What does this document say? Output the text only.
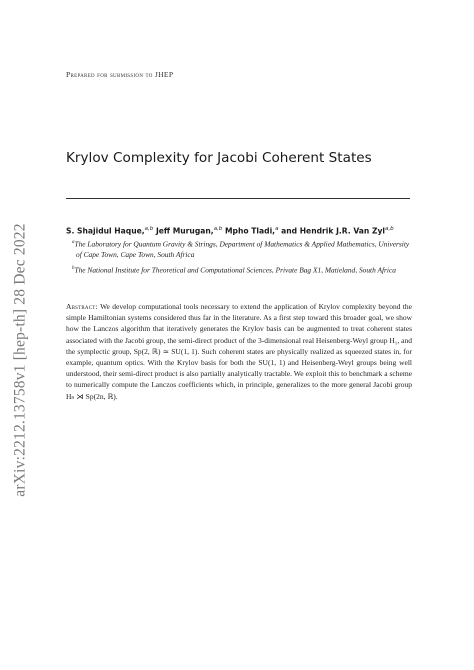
arXiv:2212.13758v1 [hep-th] 28 Dec 2022
Prepared for submission to JHEP
Krylov Complexity for Jacobi Coherent States
S. Shajidul Haque,$^{a,b}$ Jeff Murugan,$^{a,b}$ Mpho Tladi,$^a$ and Hendrik J.R. Van Zyl$^{a,b}$

$^a$The Laboratory for Quantum Gravity & Strings, Department of Mathematics & Applied Mathematics, University of Cape Town, Cape Town, South Africa

$^b$The National Institute for Theoretical and Computational Sciences, Private Bag X1, Matieland, South Africa

Abstract: We develop computational tools necessary to extend the application of Krylov complexity beyond the simple Hamiltonian systems considered thus far in the literature. As a first step toward this broader goal, we show how the Lanczos algorithm that iteratively generates the Krylov basis can be augmented to treat coherent states associated with the Jacobi group, the semi-direct product of the 3-dimensional real Heisenberg-Weyl group H₁, and the symplectic group, Sp(2, ℝ) ≃ SU(1, 1). Such coherent states are physically realized as squeezed states in, for example, quantum optics. With the Krylov basis for both the SU(1, 1) and Heisenberg-Weyl groups being well understood, their semi-direct product is also partially analytically tractable. We exploit this to benchmark a scheme to numerically compute the Lanczos coefficients which, in principle, generalizes to the more general Jacobi group Hₙ ⋊ Sp(2n, ℝ).
